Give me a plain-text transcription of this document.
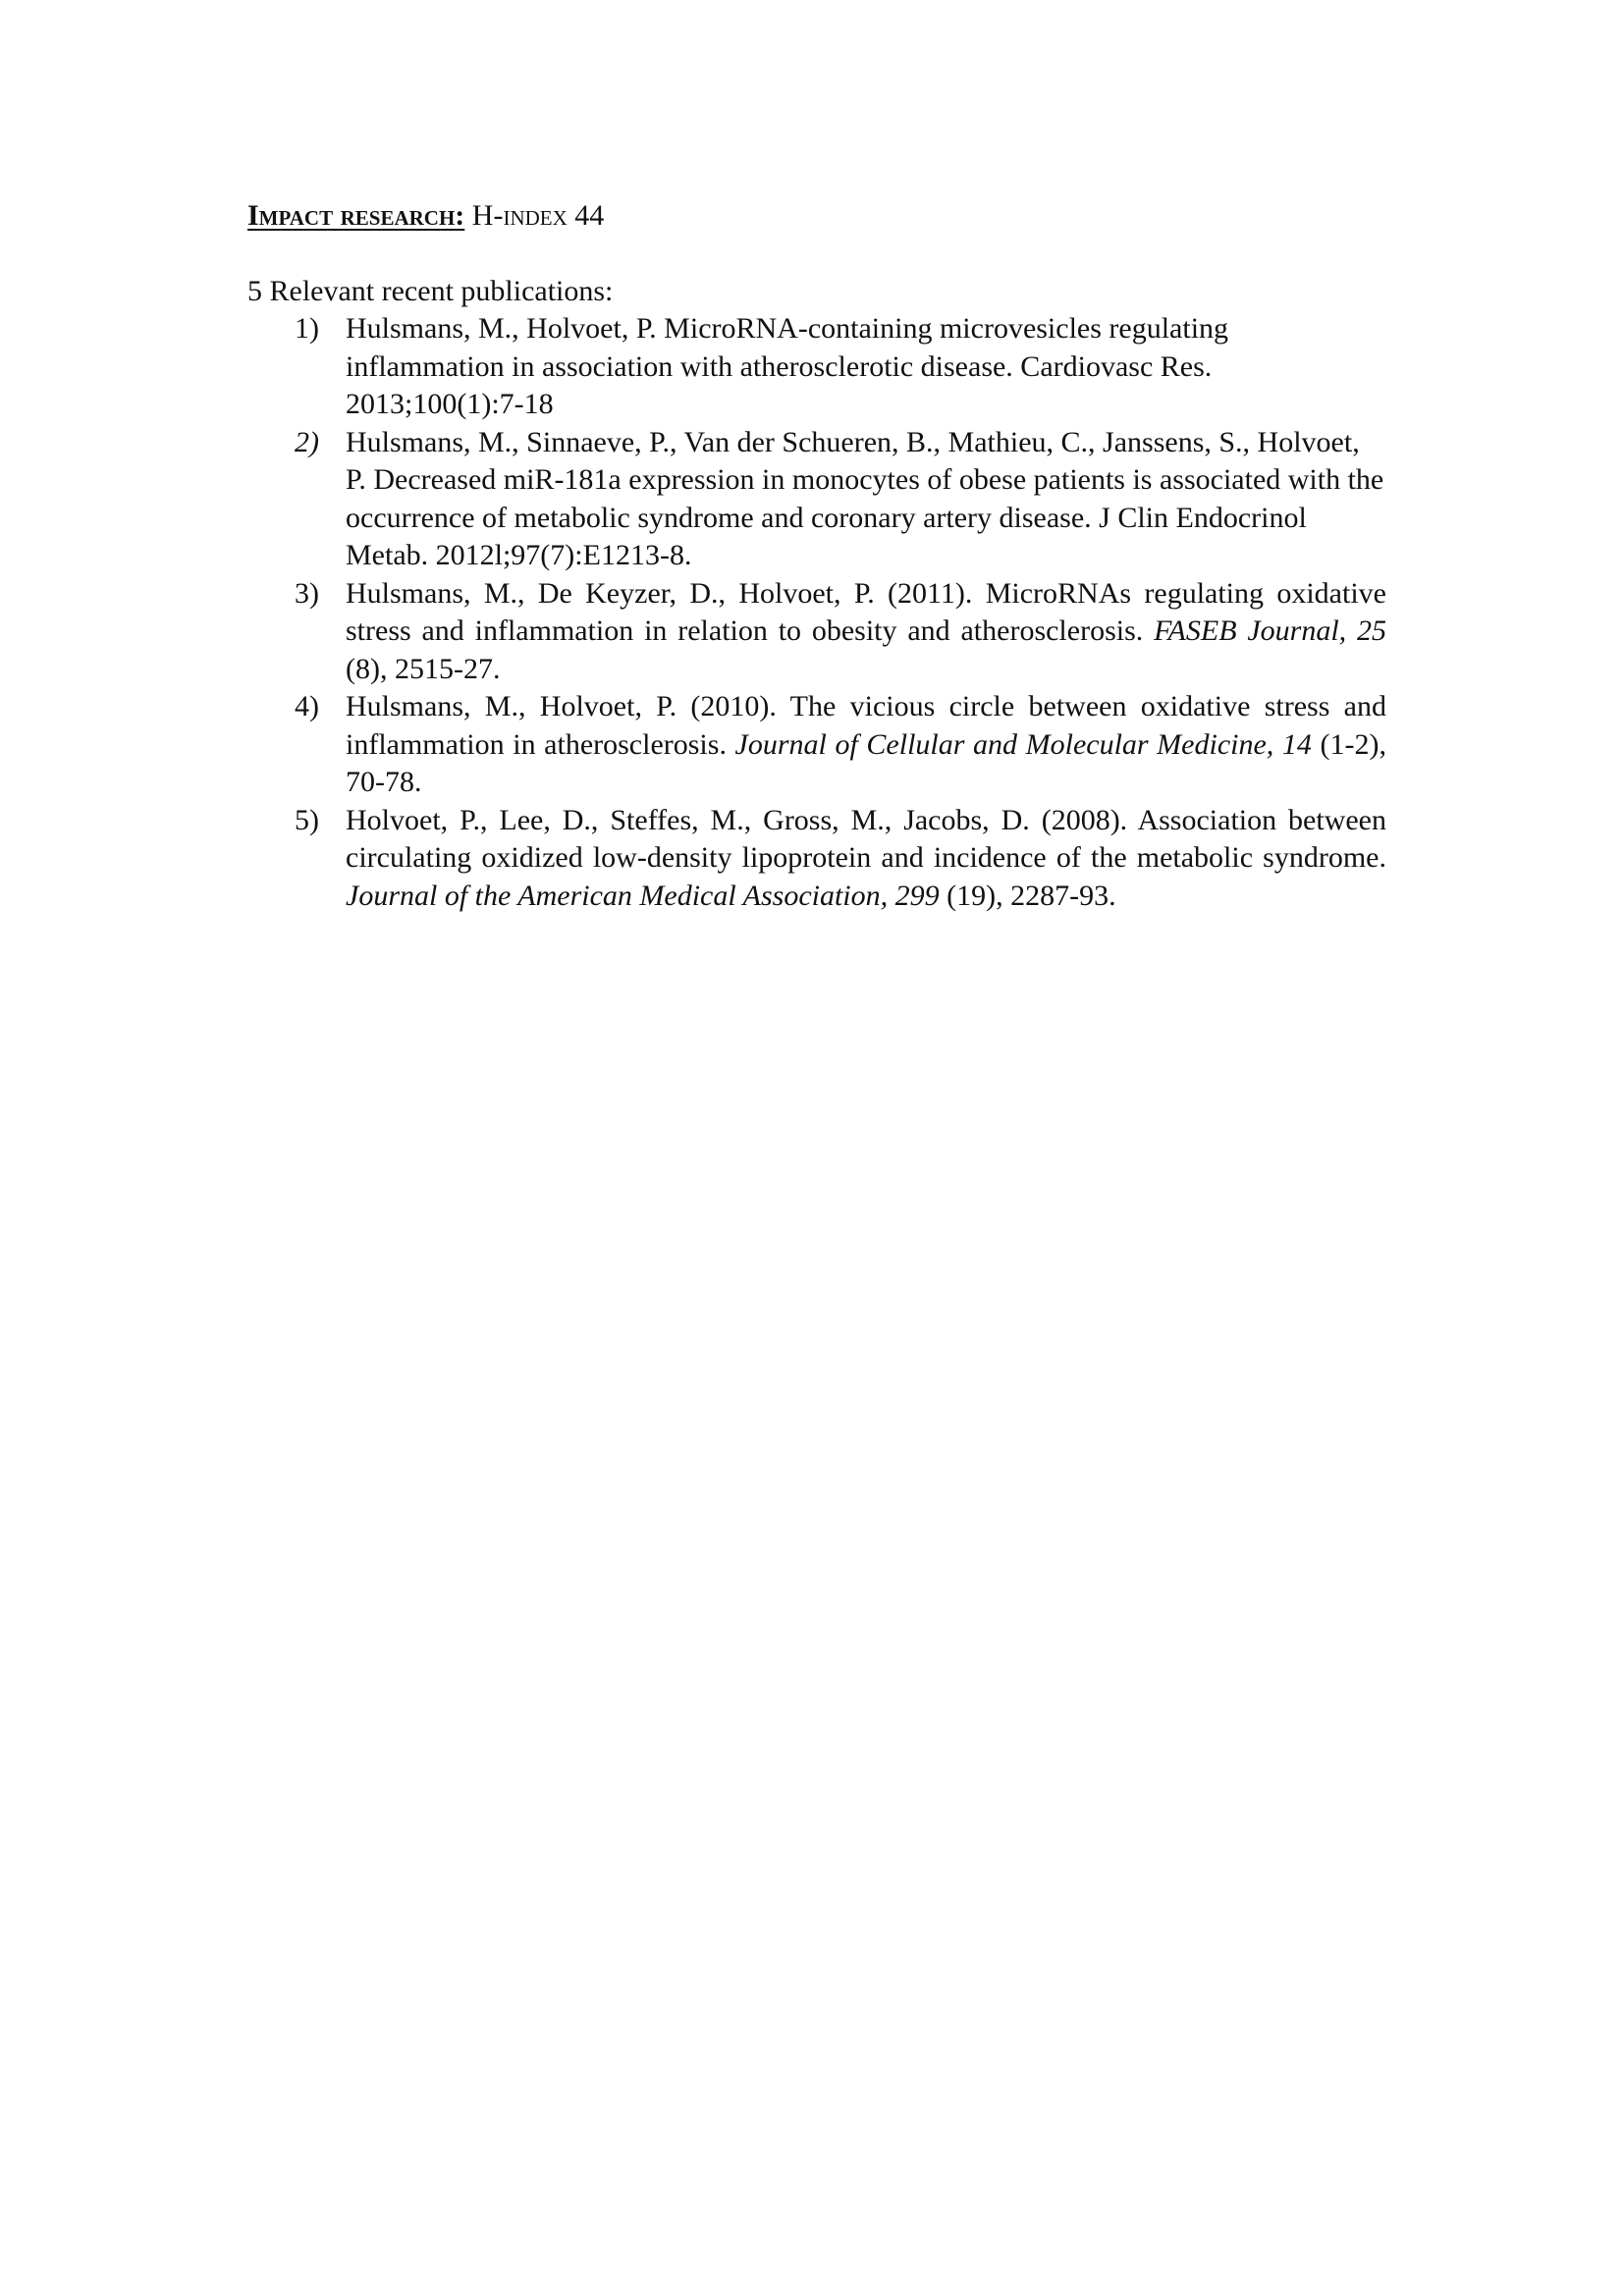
Impact research: H-index 44
5 Relevant recent publications:
1) Hulsmans, M., Holvoet, P. MicroRNA-containing microvesicles regulating inflammation in association with atherosclerotic disease. Cardiovasc Res. 2013;100(1):7-18
2) Hulsmans, M., Sinnaeve, P., Van der Schueren, B., Mathieu, C., Janssens, S., Holvoet, P. Decreased miR-181a expression in monocytes of obese patients is associated with the occurrence of metabolic syndrome and coronary artery disease. J Clin Endocrinol Metab. 2012l;97(7):E1213-8.
3) Hulsmans, M., De Keyzer, D., Holvoet, P. (2011). MicroRNAs regulating oxidative stress and inflammation in relation to obesity and atherosclerosis. FASEB Journal, 25 (8), 2515-27.
4) Hulsmans, M., Holvoet, P. (2010). The vicious circle between oxidative stress and inflammation in atherosclerosis. Journal of Cellular and Molecular Medicine, 14 (1-2), 70-78.
5) Holvoet, P., Lee, D., Steffes, M., Gross, M., Jacobs, D. (2008). Association between circulating oxidized low-density lipoprotein and incidence of the metabolic syndrome. Journal of the American Medical Association, 299 (19), 2287-93.
